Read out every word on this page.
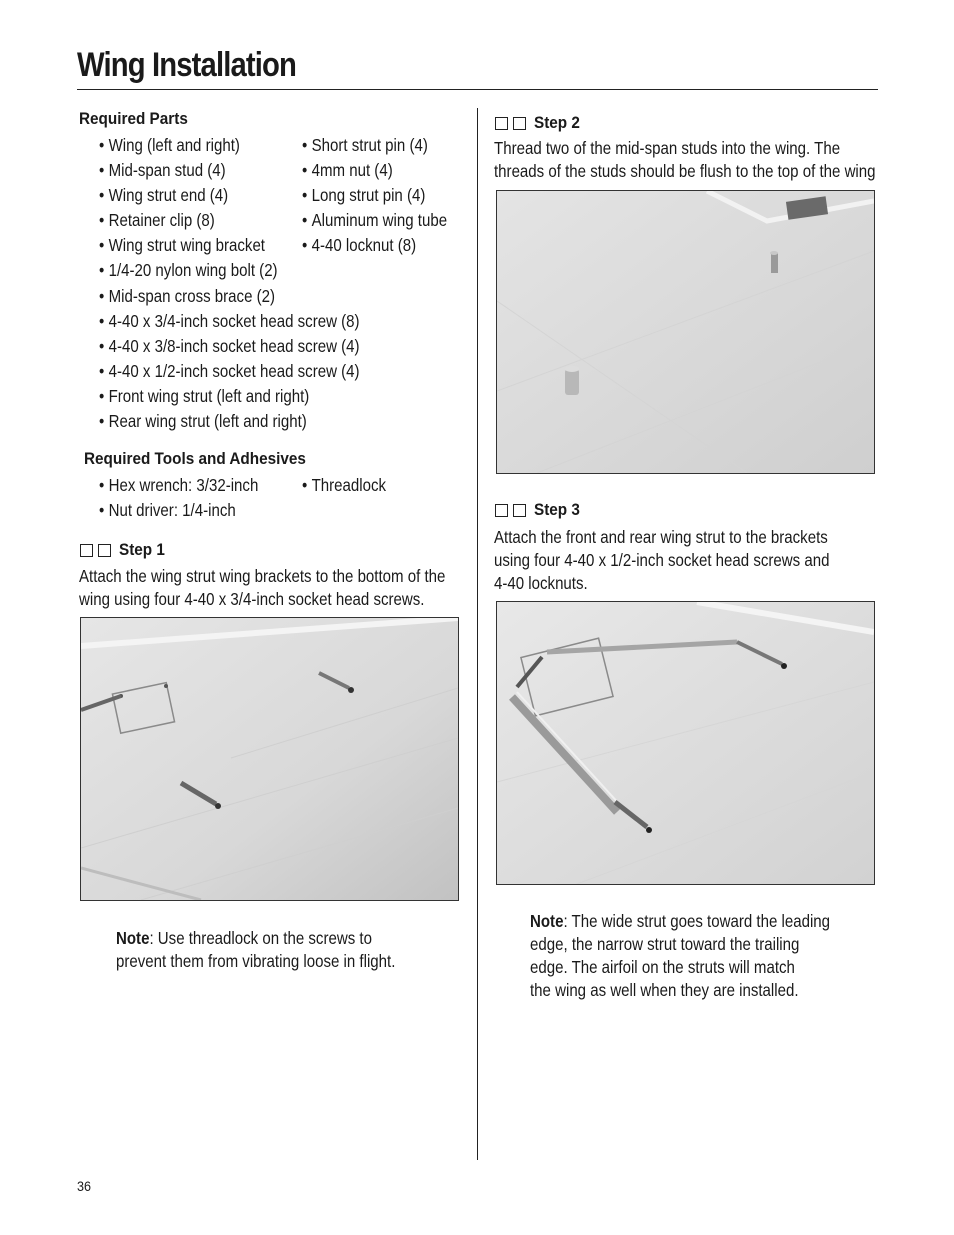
Wing Installation
Required Parts
• Wing (left and right)
• Mid-span stud (4)
• Wing strut end (4)
• Retainer clip (8)
• Wing strut wing bracket
• 1/4-20 nylon wing bolt (2)
• Mid-span cross brace (2)
• 4-40 x 3/4-inch socket head screw (8)
• 4-40 x 3/8-inch socket head screw (4)
• 4-40 x 1/2-inch socket head screw (4)
• Front wing strut (left and right)
• Rear wing strut (left and right)
• Short strut pin (4)
• 4mm nut (4)
• Long strut pin (4)
• Aluminum wing tube
• 4-40 locknut (8)
Required Tools and Adhesives
• Hex wrench: 3/32-inch
• Nut driver: 1/4-inch
• Threadlock
Step 1

Attach the wing strut wing brackets to the bottom of the
wing using four 4-40 x 3/4-inch socket head screws.

Note: Use threadlock on the screws to
prevent them from vibrating loose in flight.

Step 2

Thread two of the mid-span studs into the wing. The
threads of the studs should be flush to the top of the wing

Step 3

Attach the front and rear wing strut to the brackets
using four 4-40 x 1/2-inch socket head screws and
4-40 locknuts.

Note: The wide strut goes toward the leading
edge, the narrow strut toward the trailing
edge. The airfoil on the struts will match
the wing as well when they are installed.

36
